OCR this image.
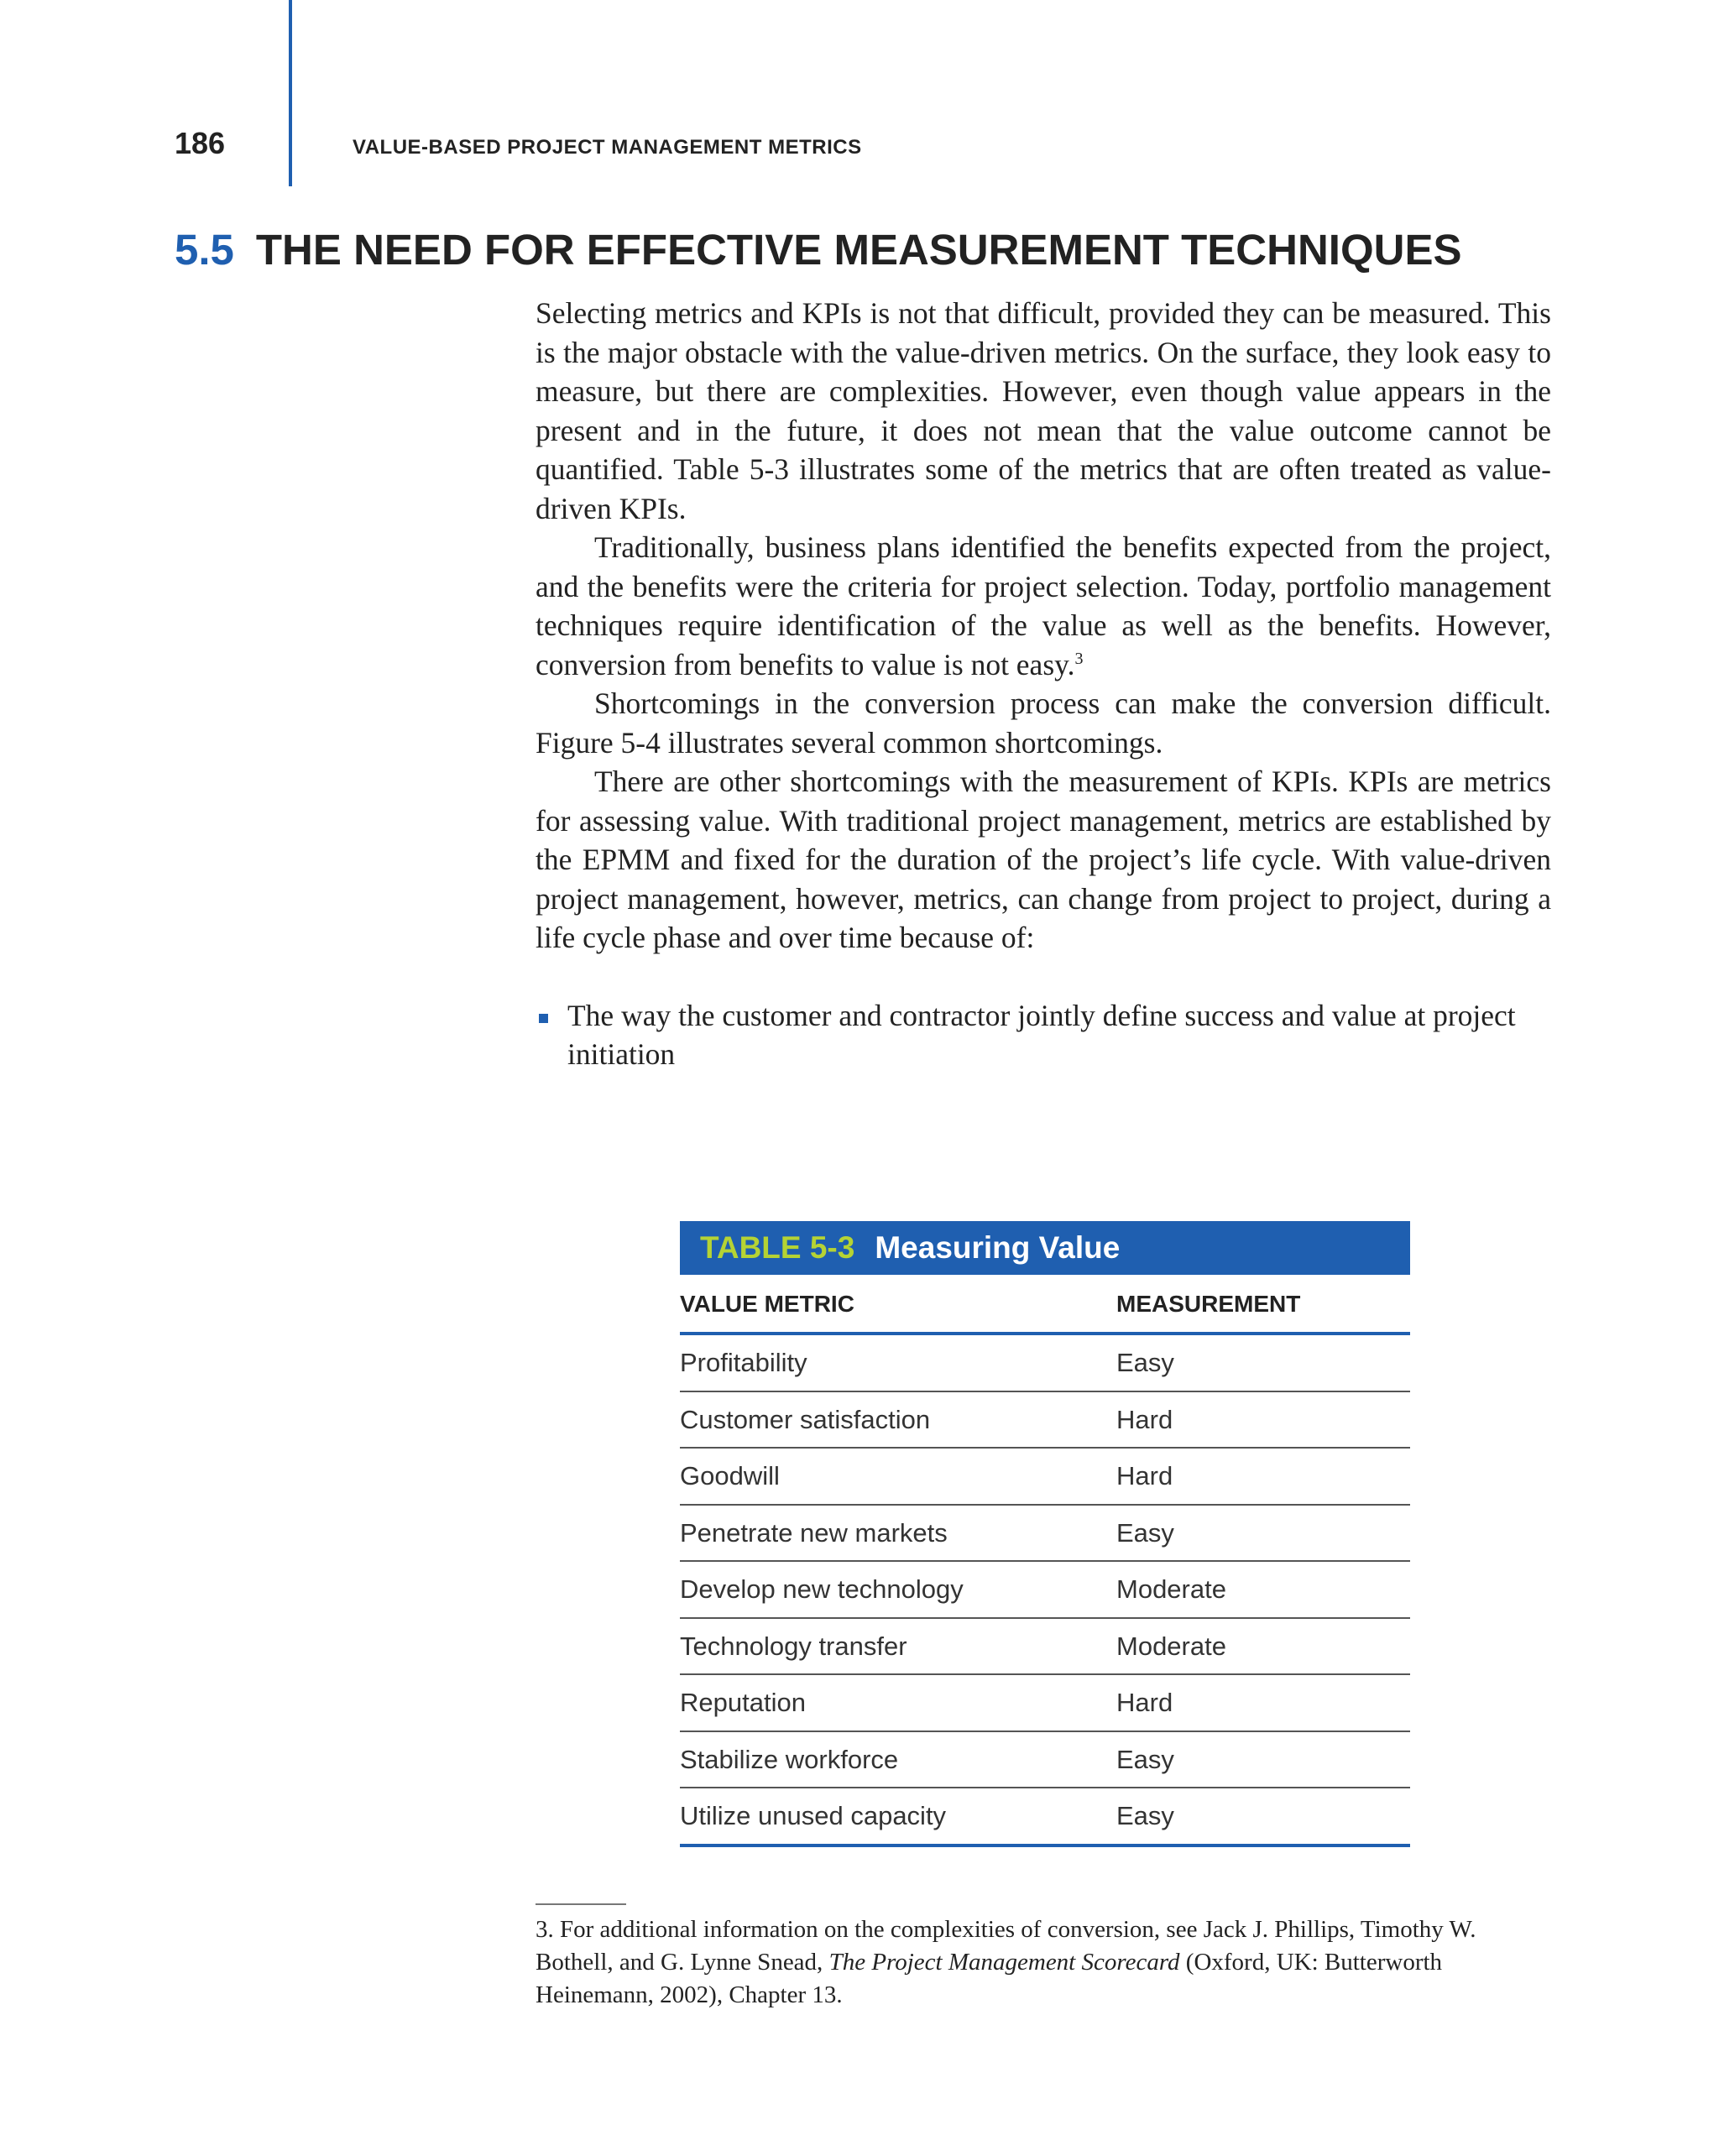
186	VALUE-BASED PROJECT MANAGEMENT METRICS
5.5 THE NEED FOR EFFECTIVE MEASUREMENT TECHNIQUES

Selecting metrics and KPIs is not that difficult, provided they can be measured. This is the major obstacle with the value-driven metrics. On the surface, they look easy to measure, but there are complexities. However, even though value appears in the present and in the future, it does not mean that the value outcome cannot be quantified. Table 5-3 illustrates some of the metrics that are often treated as value-driven KPIs.

Traditionally, business plans identified the benefits expected from the project, and the benefits were the criteria for project selection. Today, portfolio management techniques require identification of the value as well as the benefits. However, conversion from benefits to value is not easy.$^3$

Shortcomings in the conversion process can make the conversion difficult. Figure 5-4 illustrates several common shortcomings.

There are other shortcomings with the measurement of KPIs. KPIs are metrics for assessing value. With traditional project management, metrics are established by the EPMM and fixed for the duration of the project’s life cycle. With value-driven project management, however, metrics, can change from project to project, during a life cycle phase and over time because of:

The way the customer and contractor jointly define success and value at project initiation
TABLE 5-3 Measuring Value
VALUE METRIC	MEASUREMENT
Profitability	Easy
Customer satisfaction	Hard
Goodwill	Hard
Penetrate new markets	Easy
Develop new technology	Moderate
Technology transfer	Moderate
Reputation	Hard
Stabilize workforce	Easy
Utilize unused capacity	Easy
3. For additional information on the complexities of conversion, see Jack J. Phillips, Timothy W. Bothell, and G. Lynne Snead, The Project Management Scorecard (Oxford, UK: Butterworth Heinemann, 2002), Chapter 13.
